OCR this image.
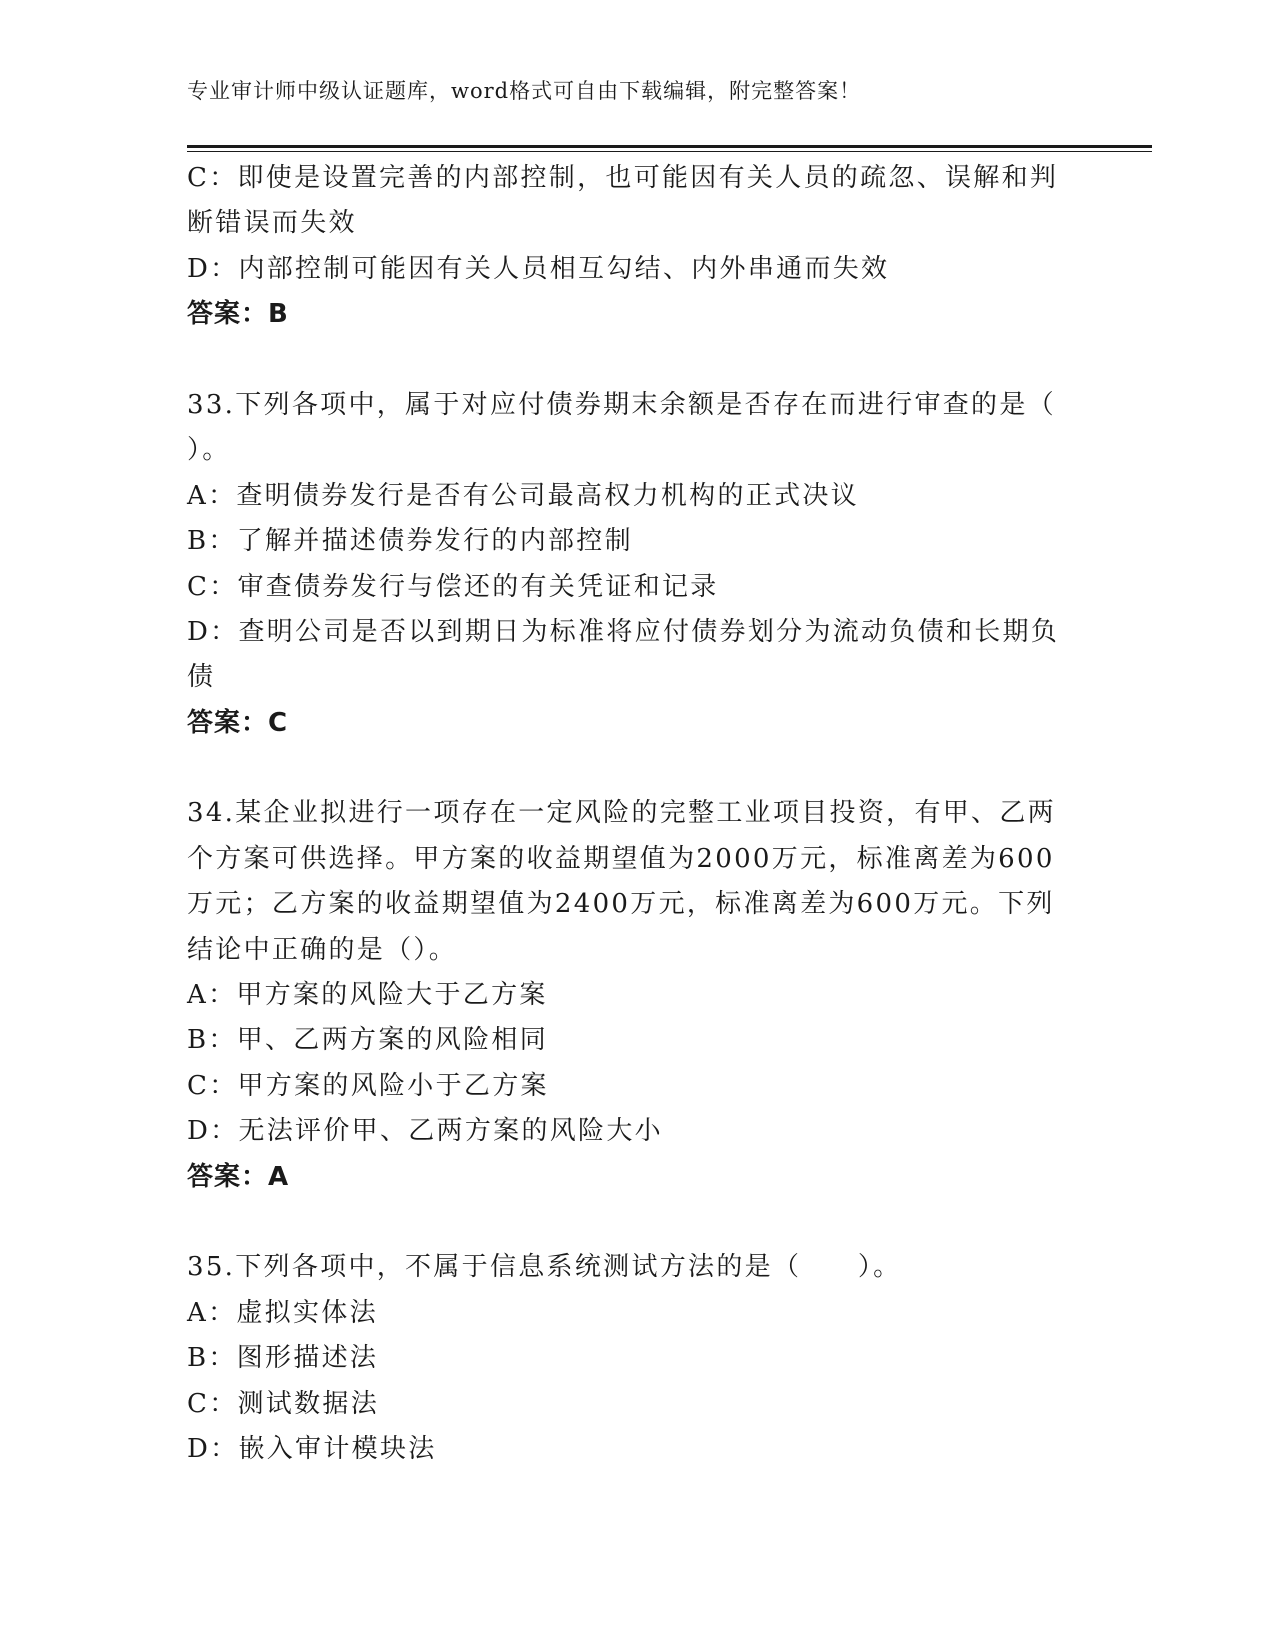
专业审计师中级认证题库，word格式可自由下载编辑，附完整答案！
C：即使是设置完善的内部控制，也可能因有关人员的疏忽、误解和判
断错误而失效
D：内部控制可能因有关人员相互勾结、内外串通而失效
答案：B
33.下列各项中，属于对应付债券期末余额是否存在而进行审查的是（
）。
A：查明债券发行是否有公司最高权力机构的正式决议
B：了解并描述债券发行的内部控制
C：审查债券发行与偿还的有关凭证和记录
D：查明公司是否以到期日为标准将应付债券划分为流动负债和长期负
债
答案：C
34.某企业拟进行一项存在一定风险的完整工业项目投资，有甲、乙两
个方案可供选择。甲方案的收益期望值为2000万元，标准离差为600
万元；乙方案的收益期望值为2400万元，标准离差为600万元。下列
结论中正确的是（）。
A：甲方案的风险大于乙方案
B：甲、乙两方案的风险相同
C：甲方案的风险小于乙方案
D：无法评价甲、乙两方案的风险大小
答案：A
35.下列各项中，不属于信息系统测试方法的是（　　）。
A：虚拟实体法
B：图形描述法
C：测试数据法
D：嵌入审计模块法
